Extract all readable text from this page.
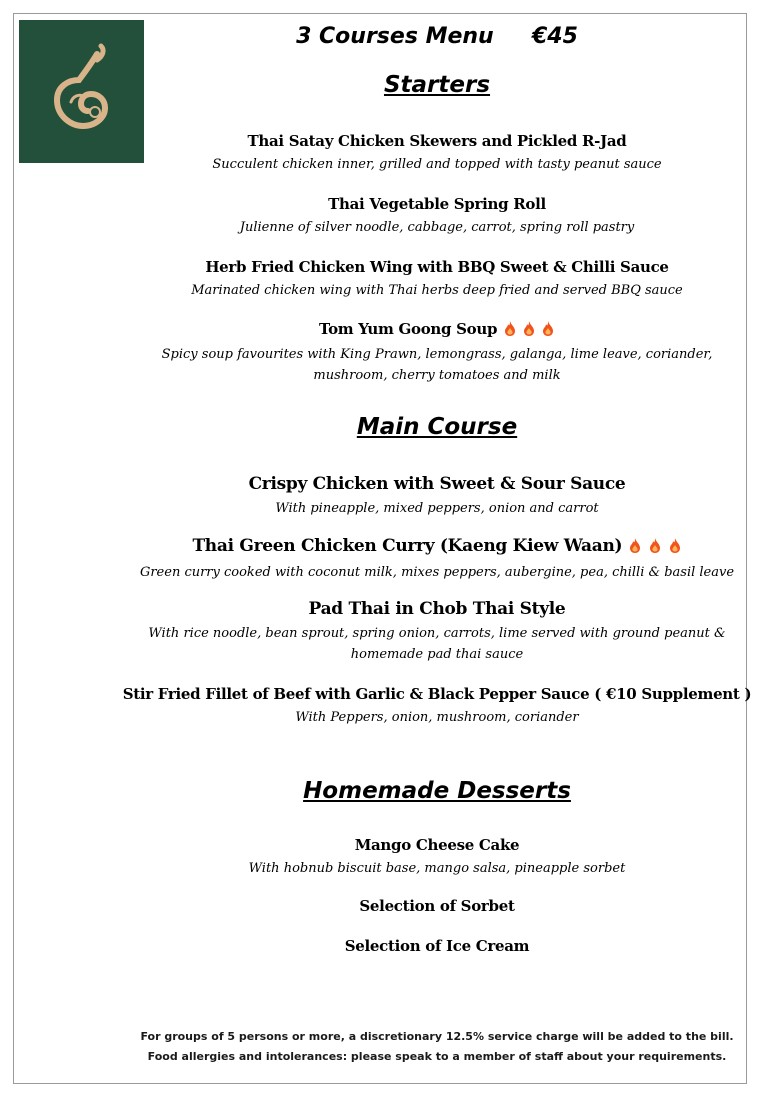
3 Courses Menu     €45
Starters
Thai Satay Chicken Skewers and Pickled R-Jad
Succulent chicken inner, grilled and topped with tasty peanut sauce
Thai Vegetable Spring Roll
Julienne of silver noodle, cabbage, carrot, spring roll pastry
Herb Fried Chicken Wing with BBQ Sweet & Chilli Sauce
Marinated chicken wing with Thai herbs deep fried and served BBQ sauce
Tom Yum Goong Soup
Spicy soup favourites with King Prawn, lemongrass, galanga, lime leave, coriander, mushroom, cherry tomatoes and milk
Main Course
Crispy Chicken with Sweet & Sour Sauce
With pineapple, mixed peppers, onion and carrot
Thai Green Chicken Curry (Kaeng Kiew Waan)
Green curry cooked with coconut milk, mixes peppers, aubergine, pea, chilli & basil leave
Pad Thai in Chob Thai Style
With rice noodle, bean sprout, spring onion, carrots, lime served with ground peanut & homemade pad thai sauce
Stir Fried Fillet of Beef with Garlic & Black Pepper Sauce ( €10 Supplement )
With Peppers, onion, mushroom, coriander
Homemade Desserts
Mango Cheese Cake
With hobnub biscuit base, mango salsa, pineapple sorbet
Selection of Sorbet
Selection of Ice Cream
For groups of 5 persons or more, a discretionary 12.5% service charge will be added to the bill.
Food allergies and intolerances: please speak to a member of staff about your requirements.
